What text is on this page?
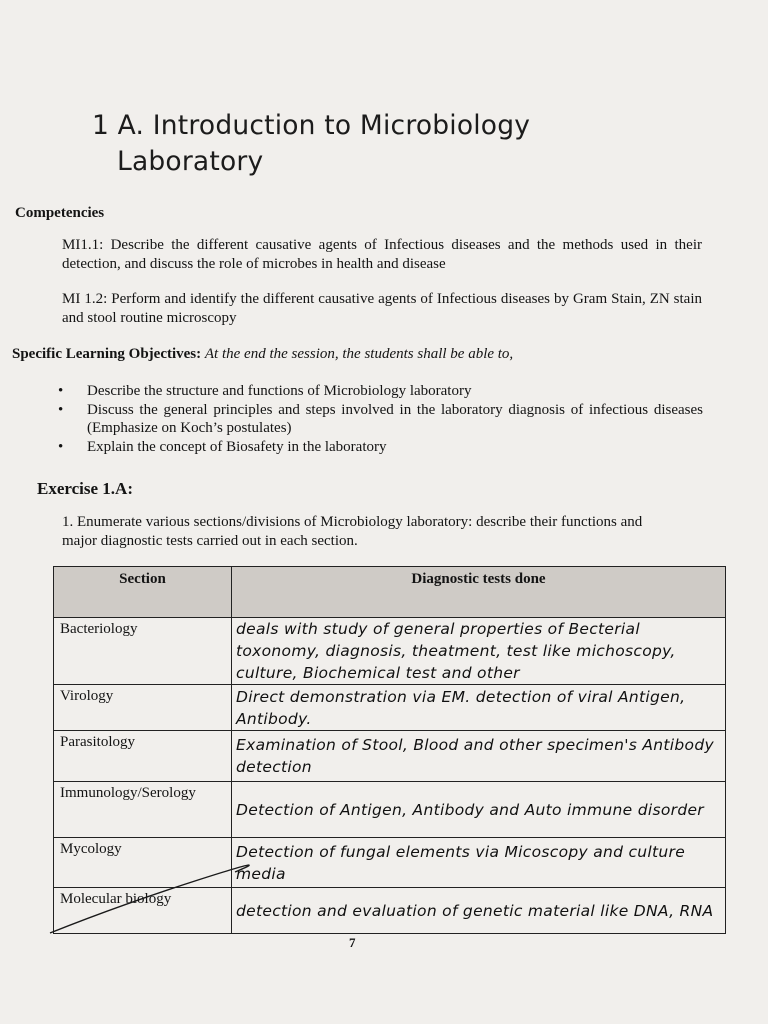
1 A. Introduction to Microbiology
Laboratory
Competencies
MI1.1: Describe the different causative agents of Infectious diseases and the methods used in their detection, and discuss the role of microbes in health and disease
MI 1.2: Perform and identify the different causative agents of Infectious diseases by Gram Stain, ZN stain and stool routine microscopy
Specific Learning Objectives: At the end the session, the students shall be able to,
• Describe the structure and functions of Microbiology laboratory
• Discuss the general principles and steps involved in the laboratory diagnosis of infectious diseases (Emphasize on Koch’s postulates)
• Explain the concept of Biosafety in the laboratory
Exercise 1.A:
1. Enumerate various sections/divisions of Microbiology laboratory: describe their functions and major diagnostic tests carried out in each section.
Section	Diagnostic tests done
Bacteriology	deals with study of general properties of Becterial toxonomy, diagnosis, theatment, test like michoscopy, culture, Biochemical test and other
Virology	Direct demonstration via EM. detection of viral Antigen, Antibody.
Parasitology	Examination of Stool, Blood and other specimen's Antibody detection
Immunology/Serology	Detection of Antigen, Antibody and Auto immune disorder
Mycology	Detection of fungal elements via Micoscopy and culture media
Molecular biology	detection and evaluation of genetic material like DNA, RNA
7
